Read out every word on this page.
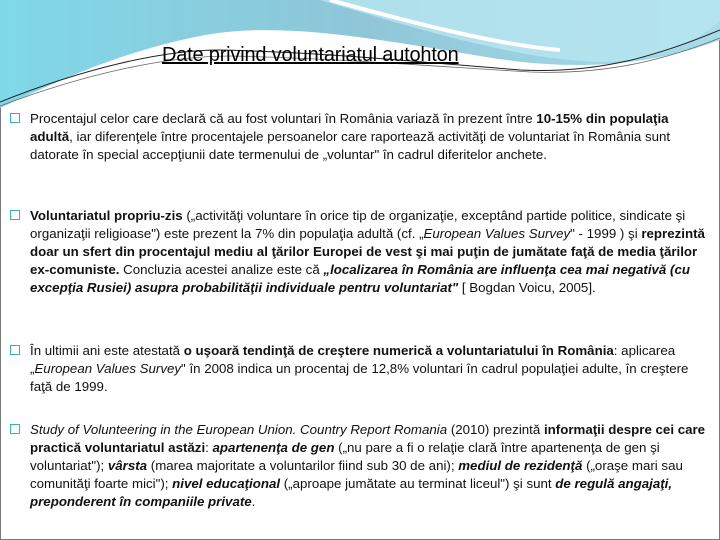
Date privind voluntariatul autohton
Procentajul celor care declară că au fost voluntari în România variază în prezent între 10-15% din populaţia adultă, iar diferenţele între procentajele persoanelor care raportează activităţi de voluntariat în România sunt datorate în special accepţiunii date termenului de „voluntar" în cadrul diferitelor anchete.
Voluntariatul propriu-zis („activităţi voluntare în orice tip de organizaţie, exceptând partide politice, sindicate şi organizaţii religioase") este prezent la 7% din populaţia adultă (cf. „European Values Survey" - 1999 ) şi reprezintă doar un sfert din procentajul mediu al ţărilor Europei de vest şi mai puţin de jumătate faţă de media ţărilor ex-comuniste. Concluzia acestei analize este că „localizarea în România are influenţa cea mai negativă (cu excepţia Rusiei) asupra probabilităţii individuale pentru voluntariat" [ Bogdan Voicu, 2005].
În ultimii ani este atestată o uşoară tendinţă de creştere numerică a voluntariatului în România: aplicarea „European Values Survey" în 2008 indica un procentaj de 12,8% voluntari în cadrul populaţiei adulte, în creştere faţă de 1999.
Study of Volunteering in the European Union. Country Report Romania (2010) prezintă informaţii despre cei care practică voluntariatul astăzi: apartenenţa de gen („nu pare a fi o relaţie clară între apartenenţa de gen şi voluntariat"); vârsta (marea majoritate a voluntarilor fiind sub 30 de ani); mediul de rezidenţă („oraşe mari sau comunităţi foarte mici"); nivel educaţional („aproape jumătate au terminat liceul") şi sunt de regulă angajaţi, preponderent în companiile private.
